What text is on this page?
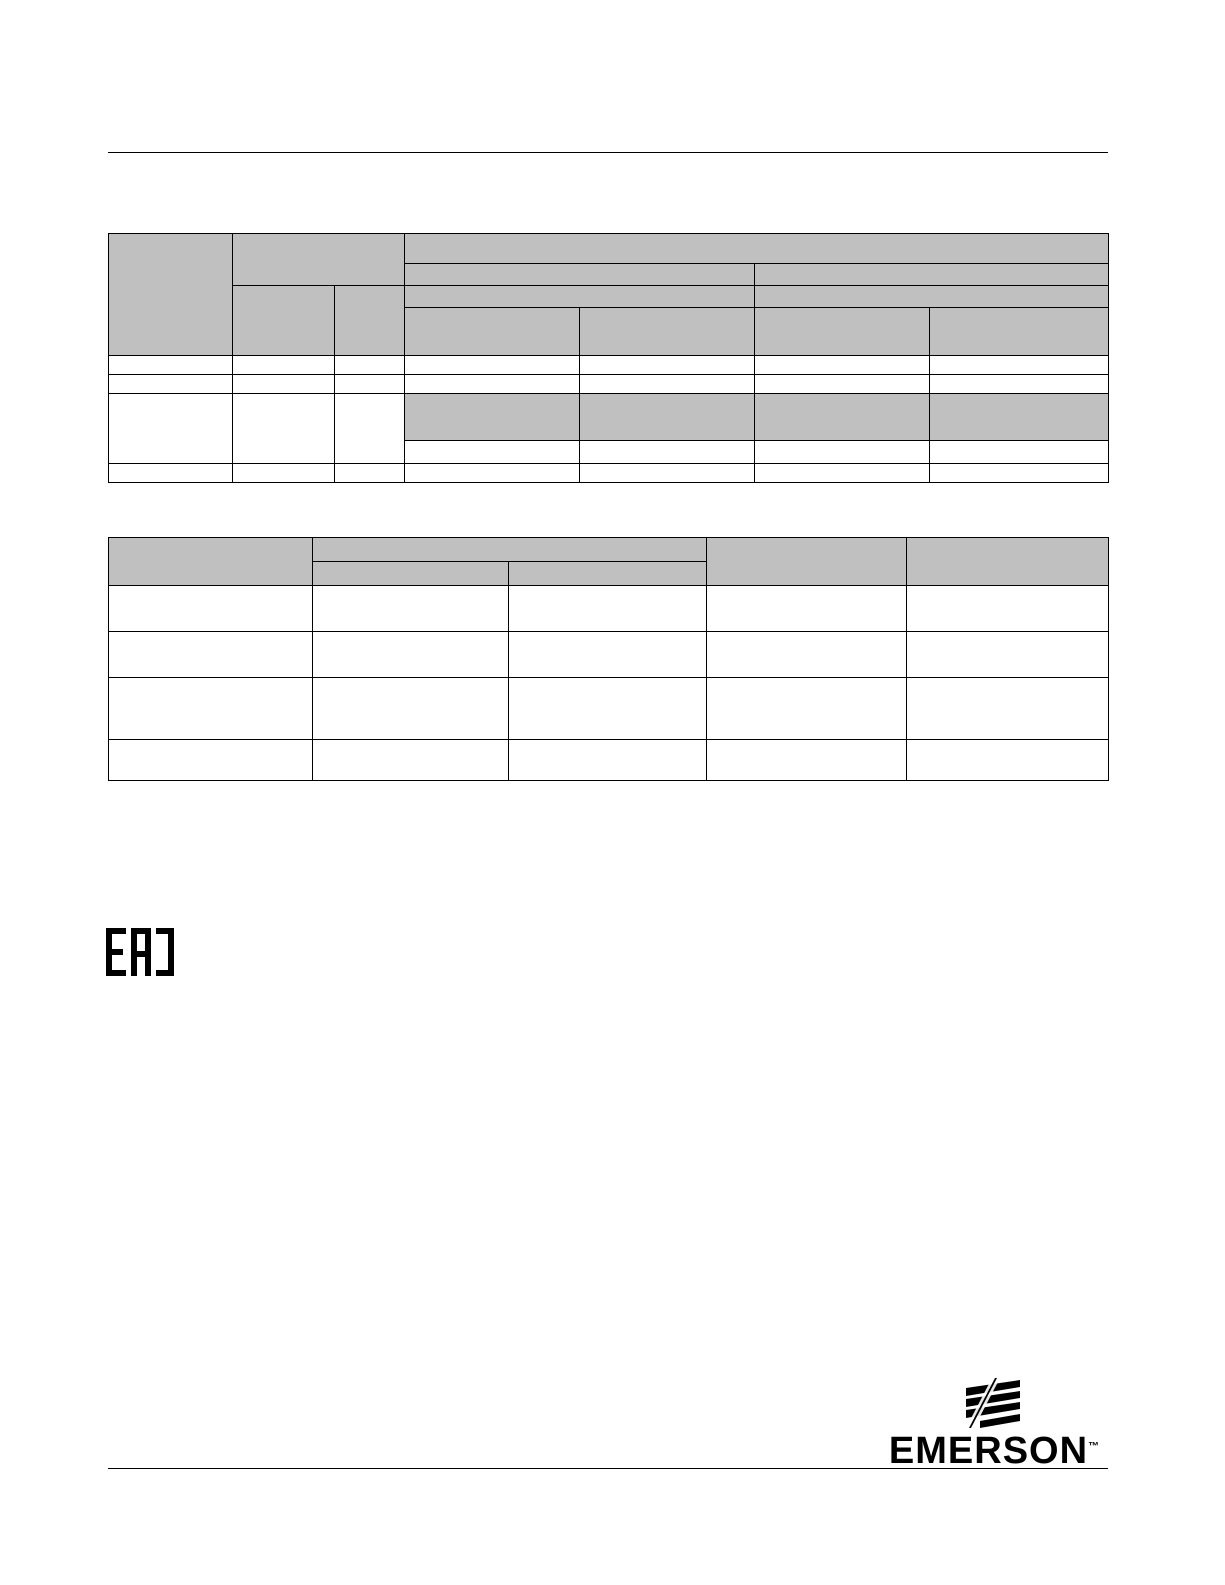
EMERSON™
